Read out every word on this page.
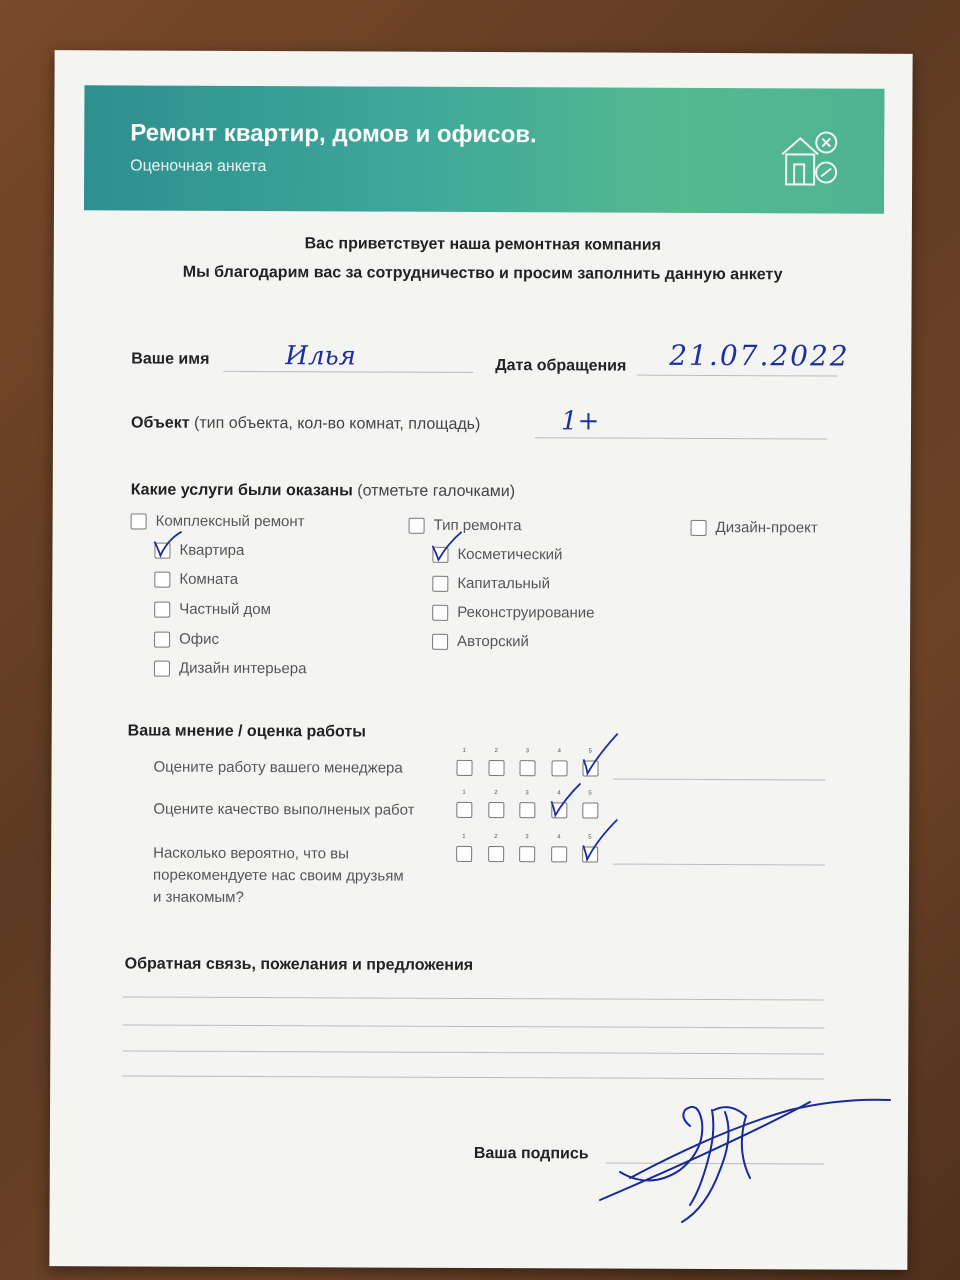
Ремонт квартир, домов и офисов.
Оценочная анкета
Вас приветствует наша ремонтная компания
Мы благодарим вас за сотрудничество и просим заполнить данную анкету
Ваше имя	Илья	Дата обращения 21.07.2022
Объект (тип объекта, кол-во комнат, площадь)	1+
Какие услуги были оказаны (отметьте галочками)
Комплексный ремонт
Квартира
Комната
Частный дом
Офис
Дизайн интерьера
Тип ремонта
Косметический
Капитальный
Реконструирование
Авторский
Дизайн-проект
Ваша мнение / оценка работы
Оцените работу вашего менеджера
1	2	3	4	5
Оцените качество выполненых работ
1	2	3	4	5
Насколько вероятно, что вы порекомендуете нас своим друзьям и знакомым?
1	2	3	4	5
Обратная связь, пожелания и предложения
Ваша подпись
